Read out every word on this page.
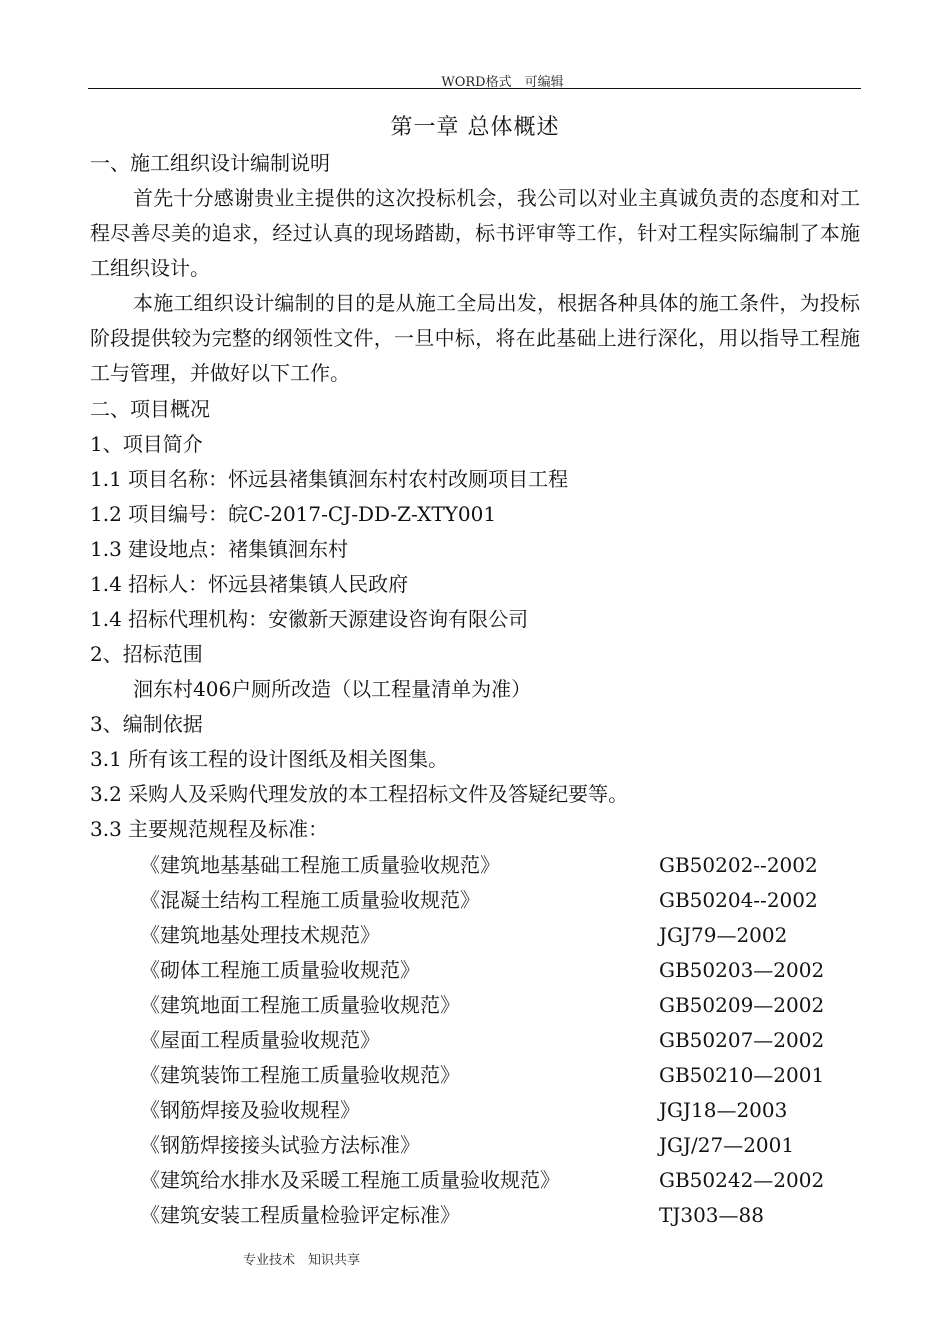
WORD格式　可编辑
第一章 总体概述
一、施工组织设计编制说明
首先十分感谢贵业主提供的这次投标机会，我公司以对业主真诚负责的态度和对工程尽善尽美的追求，经过认真的现场踏勘，标书评审等工作，针对工程实际编制了本施工组织设计。
本施工组织设计编制的目的是从施工全局出发，根据各种具体的施工条件，为投标阶段提供较为完整的纲领性文件，一旦中标，将在此基础上进行深化，用以指导工程施工与管理，并做好以下工作。
二、项目概况
1、项目简介
1.1 项目名称：怀远县褚集镇洄东村农村改厕项目工程
1.2 项目编号：皖C-2017-CJ-DD-Z-XTY001
1.3 建设地点：褚集镇洄东村
1.4 招标人：怀远县褚集镇人民政府
1.4 招标代理机构：安徽新天源建设咨询有限公司
2、招标范围
洄东村406户厕所改造（以工程量清单为准）
3、编制依据
3.1 所有该工程的设计图纸及相关图集。
3.2 采购人及采购代理发放的本工程招标文件及答疑纪要等。
3.3 主要规范规程及标准：
《建筑地基基础工程施工质量验收规范》	GB50202--2002
《混凝土结构工程施工质量验收规范》	GB50204--2002
《建筑地基处理技术规范》	JGJ79—2002
《砌体工程施工质量验收规范》	GB50203—2002
《建筑地面工程施工质量验收规范》	GB50209—2002
《屋面工程质量验收规范》	GB50207—2002
《建筑装饰工程施工质量验收规范》	GB50210—2001
《钢筋焊接及验收规程》	JGJ18—2003
《钢筋焊接接头试验方法标准》	JGJ/27—2001
《建筑给水排水及采暖工程施工质量验收规范》	GB50242—2002
《建筑安装工程质量检验评定标准》	TJ303—88
专业技术　知识共享
